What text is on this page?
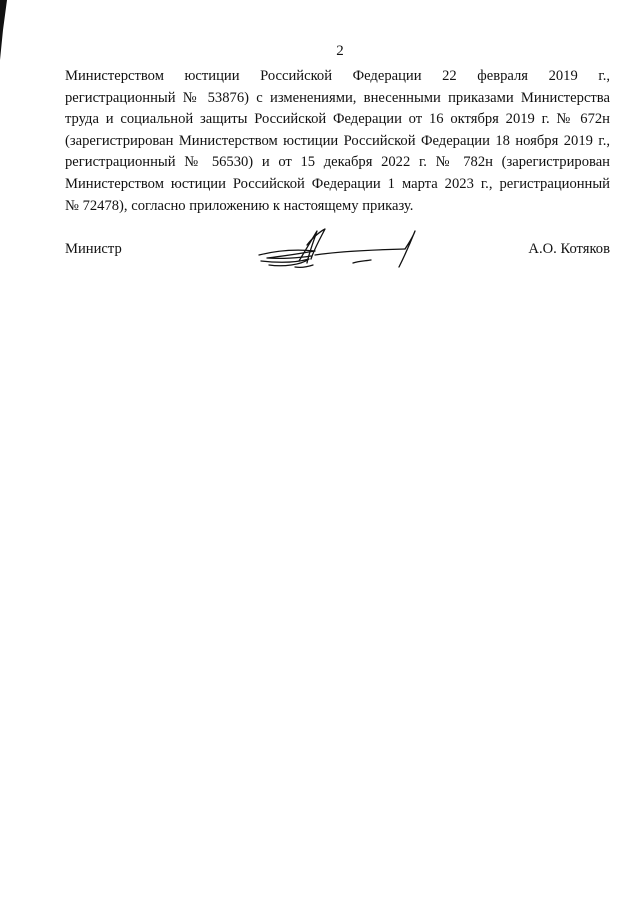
2
Министерством юстиции Российской Федерации 22 февраля 2019 г.,
регистрационный № 53876) с изменениями, внесенными приказами Министерства
труда и социальной защиты Российской Федерации от 16 октября 2019 г. № 672н
(зарегистрирован Министерством юстиции Российской Федерации 18 ноября 2019 г.,
регистрационный № 56530) и от 15 декабря 2022 г. № 782н (зарегистрирован
Министерством юстиции Российской Федерации 1 марта 2023 г., регистрационный
№ 72478), согласно приложению к настоящему приказу.
Министр	А.О. Котяков
